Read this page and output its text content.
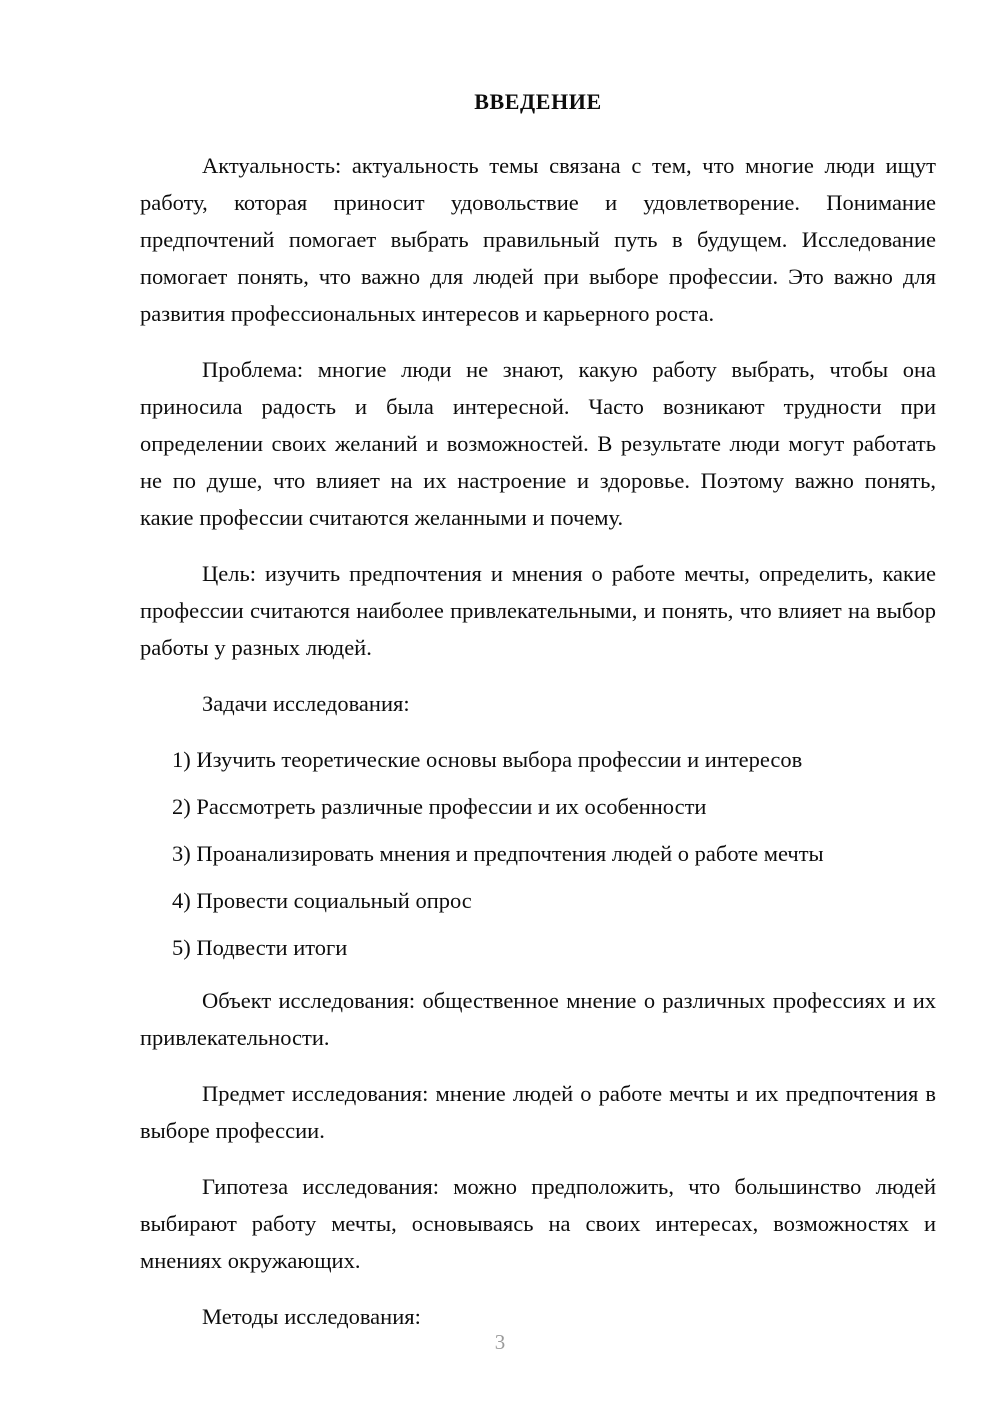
ВВЕДЕНИЕ

Актуальность: актуальность темы связана с тем, что многие люди ищут работу, которая приносит удовольствие и удовлетворение. Понимание предпочтений помогает выбрать правильный путь в будущем. Исследование помогает понять, что важно для людей при выборе профессии. Это важно для развития профессиональных интересов и карьерного роста.

Проблема: многие люди не знают, какую работу выбрать, чтобы она приносила радость и была интересной. Часто возникают трудности при определении своих желаний и возможностей. В результате люди могут работать не по душе, что влияет на их настроение и здоровье. Поэтому важно понять, какие профессии считаются желанными и почему.

Цель: изучить предпочтения и мнения о работе мечты, определить, какие профессии считаются наиболее привлекательными, и понять, что влияет на выбор работы у разных людей.

Задачи исследования:

1) Изучить теоретические основы выбора профессии и интересов
2) Рассмотреть различные профессии и их особенности
3) Проанализировать мнения и предпочтения людей о работе мечты
4) Провести социальный опрос
5) Подвести итоги

Объект исследования: общественное мнение о различных профессиях и их привлекательности.

Предмет исследования: мнение людей о работе мечты и их предпочтения в выборе профессии.

Гипотеза исследования: можно предположить, что большинство людей выбирают работу мечты, основываясь на своих интересах, возможностях и мнениях окружающих.

Методы исследования:

3
